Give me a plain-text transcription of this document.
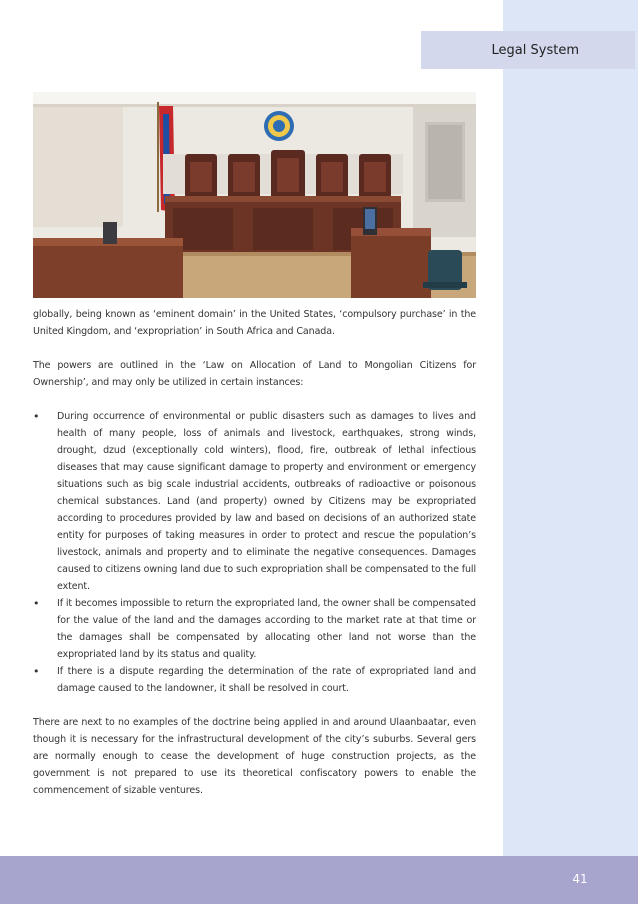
Legal System

globally, being known as ‘eminent domain’ in the United States, ‘compulsory purchase’ in the United Kingdom, and ‘expropriation’ in South Africa and Canada.

The powers are outlined in the ‘Law on Allocation of Land to Mongolian Citizens for Ownership’, and may only be utilized in certain instances:

• During occurrence of environmental or public disasters such as damages to lives and health of many people, loss of animals and livestock, earthquakes, strong winds, drought, dzud (exceptionally cold winters), flood, fire, outbreak of lethal infectious diseases that may cause significant damage to property and environment or emergency situations such as big scale industrial accidents, outbreaks of radioactive or poisonous chemical substances. Land (and property) owned by Citizens may be expropriated according to procedures provided by law and based on decisions of an authorized state entity for purposes of taking measures in order to protect and rescue the population’s livestock, animals and property and to eliminate the negative consequences. Damages caused to citizens owning land due to such expropriation shall be compensated to the full extent.
• If it becomes impossible to return the expropriated land, the owner shall be compensated for the value of the land and the damages according to the market rate at that time or the damages shall be compensated by allocating other land not worse than the expropriated land by its status and quality.
• If there is a dispute regarding the determination of the rate of expropriated land and damage caused to the landowner, it shall be resolved in court.

There are next to no examples of the doctrine being applied in and around Ulaanbaatar, even though it is necessary for the infrastructural development of the city’s suburbs. Several gers are normally enough to cease the development of huge construction projects, as the government is not prepared to use its theoretical confiscatory powers to enable the commencement of sizable ventures.

41
